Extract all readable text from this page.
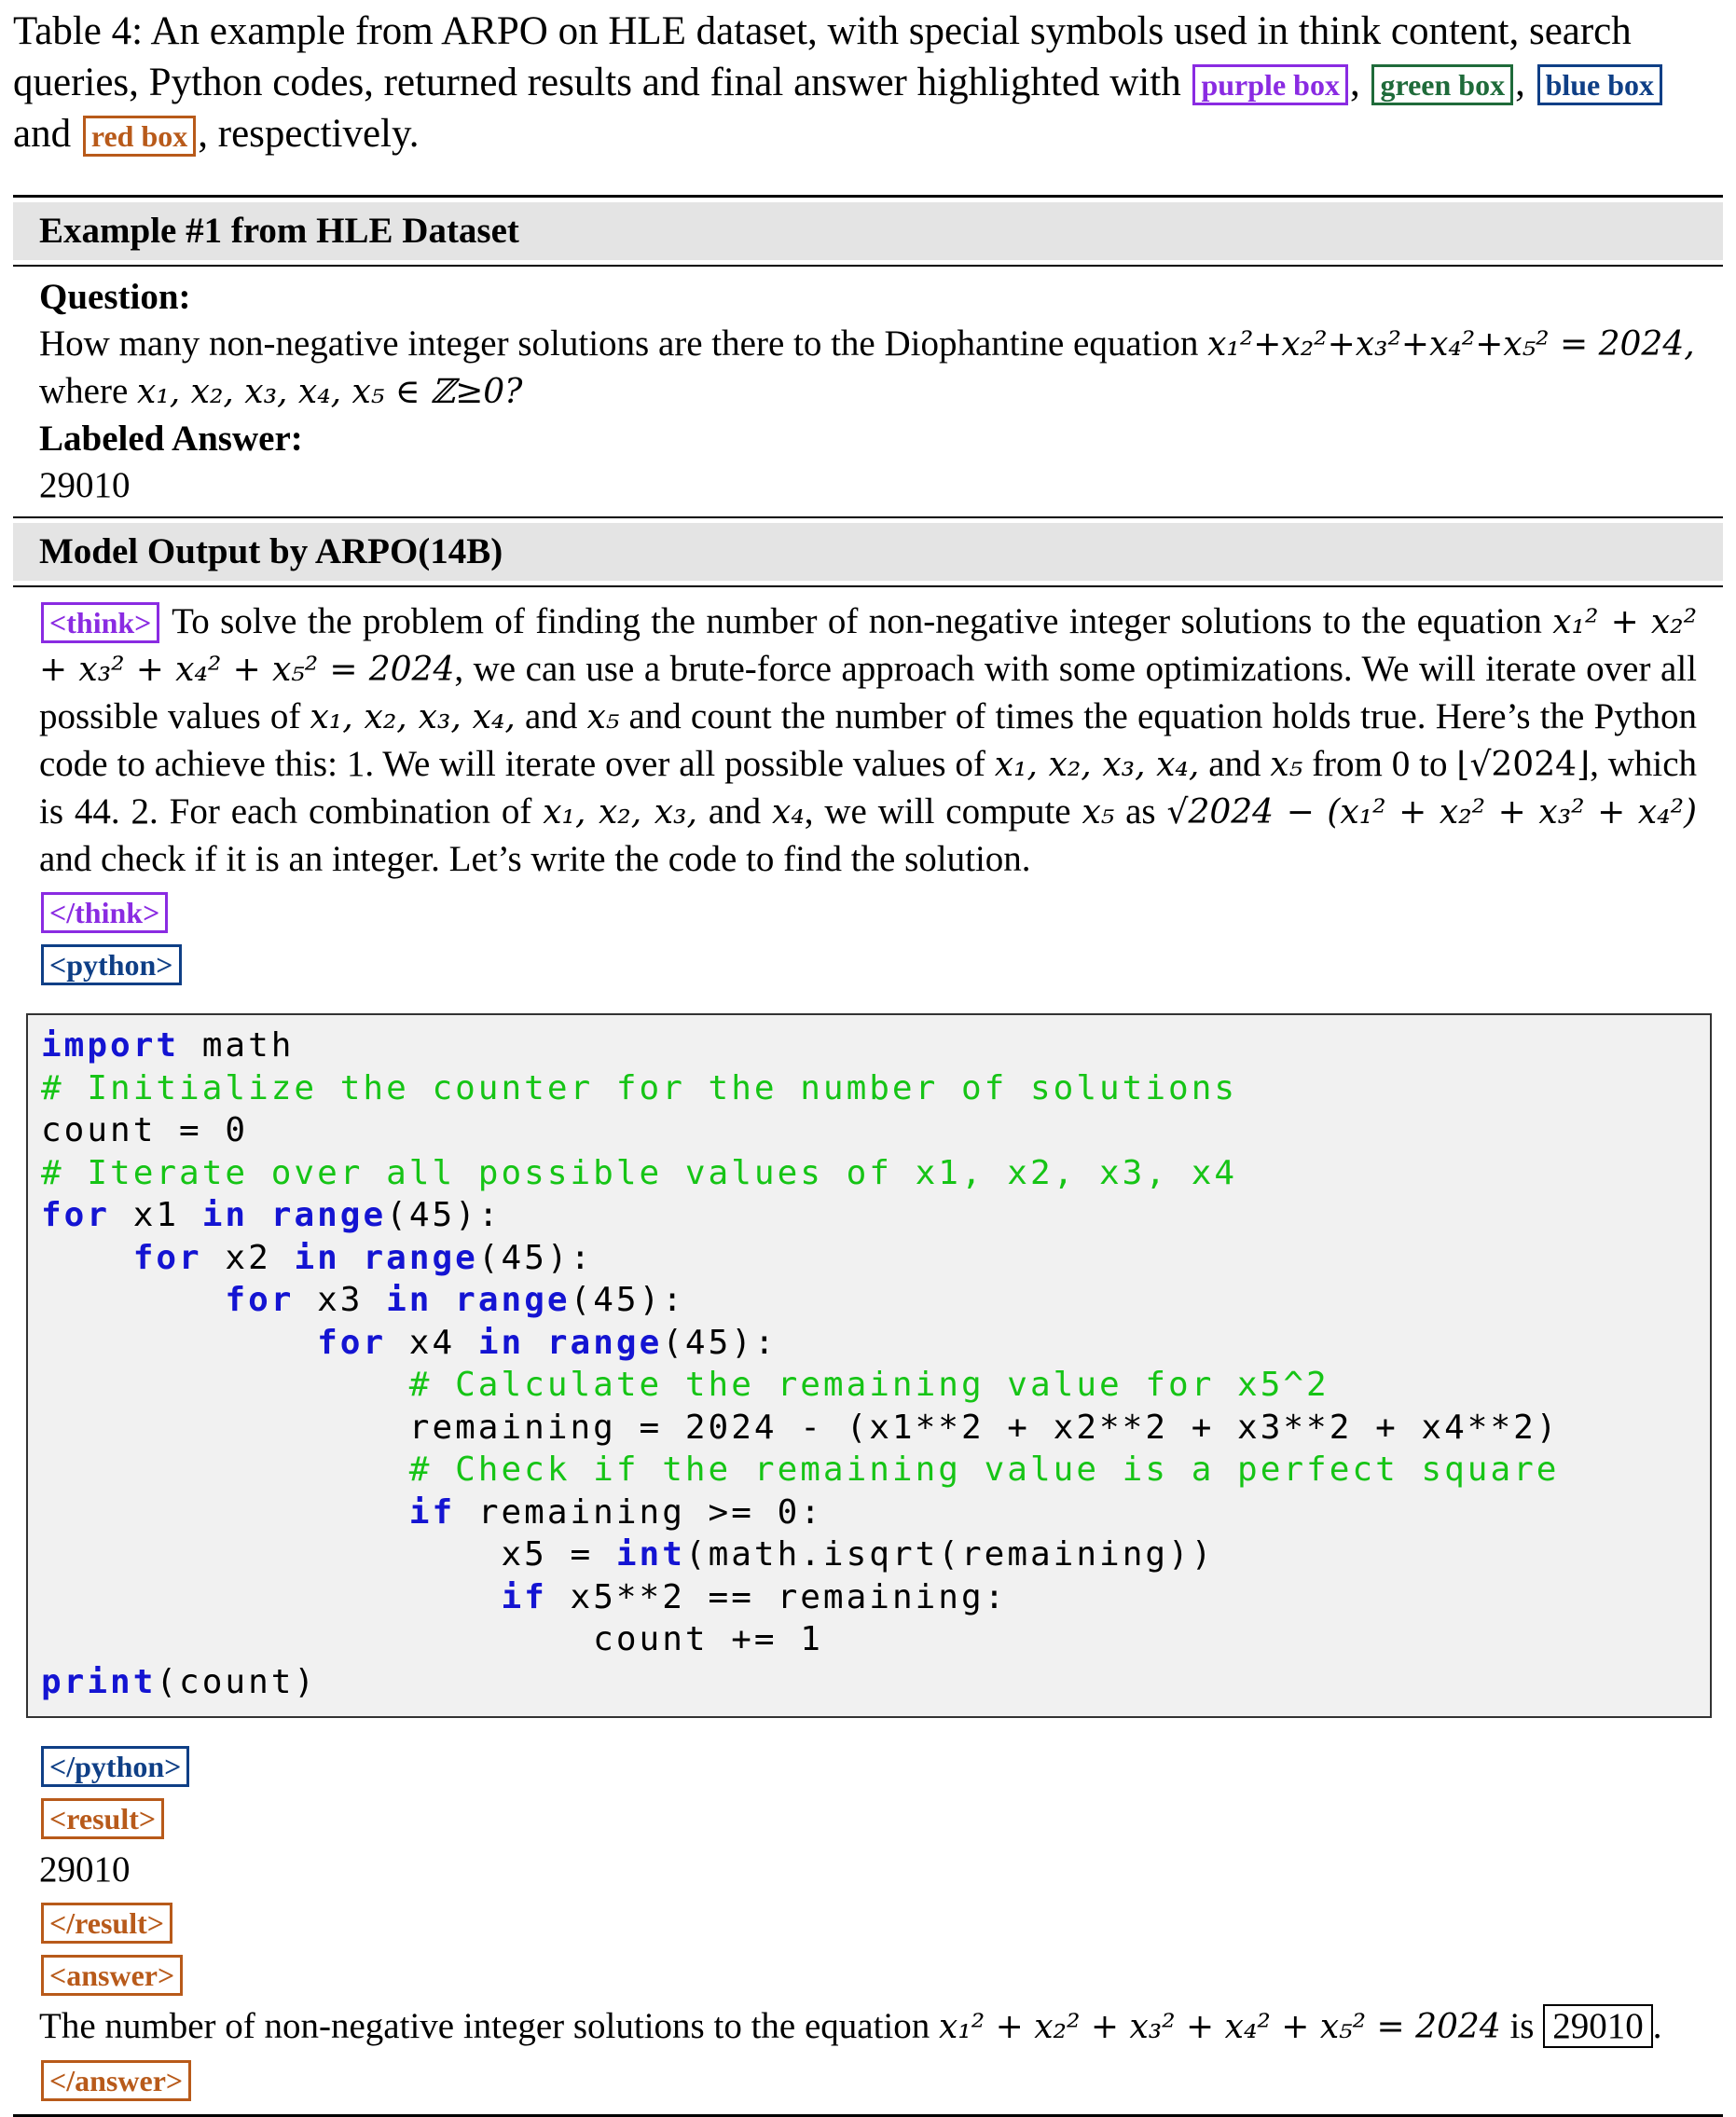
Table 4: An example from ARPO on HLE dataset, with special symbols used in think content, search queries, Python codes, returned results and final answer highlighted with purple box , green box , blue box and red box , respectively.
Example #1 from HLE Dataset
Question:
How many non-negative integer solutions are there to the Diophantine equation x₁²+x₂²+x₃²+x₄²+x₅² = 2024,
where x₁, x₂, x₃, x₄, x₅ ∈ ℤ≥0?
Labeled Answer:
29010
Model Output by ARPO(14B)
<think> To solve the problem of finding the number of non-negative integer solutions to the equation x₁² + x₂² + x₃² + x₄² + x₅² = 2024, we can use a brute-force approach with some optimizations. We will iterate over all possible values of x₁, x₂, x₃, x₄, and x₅ and count the number of times the equation holds true. Here’s the Python code to achieve this: 1. We will iterate over all possible values of x₁, x₂, x₃, x₄, and x₅ from 0 to ⌊√2024⌋, which is 44. 2. For each combination of x₁, x₂, x₃, and x₄, we will compute x₅ as √2024 − (x₁² + x₂² + x₃² + x₄²) and check if it is an integer. Let’s write the code to find the solution.
</think>
<python>
import math
# Initialize the counter for the number of solutions
count = 0
# Iterate over all possible values of x1, x2, x3, x4
for x1 in range(45):
for x2 in range(45):
for x3 in range(45):
for x4 in range(45):
# Calculate the remaining value for x5^2
remaining = 2024 - (x1**2 + x2**2 + x3**2 + x4**2)
# Check if the remaining value is a perfect square
if remaining >= 0:
x5 = int(math.isqrt(remaining))
if x5**2 == remaining:
count += 1
print(count)
</python>
<result>
29010
</result>
<answer>
The number of non-negative integer solutions to the equation x₁² + x₂² + x₃² + x₄² + x₅² = 2024 is 29010 .
</answer>
